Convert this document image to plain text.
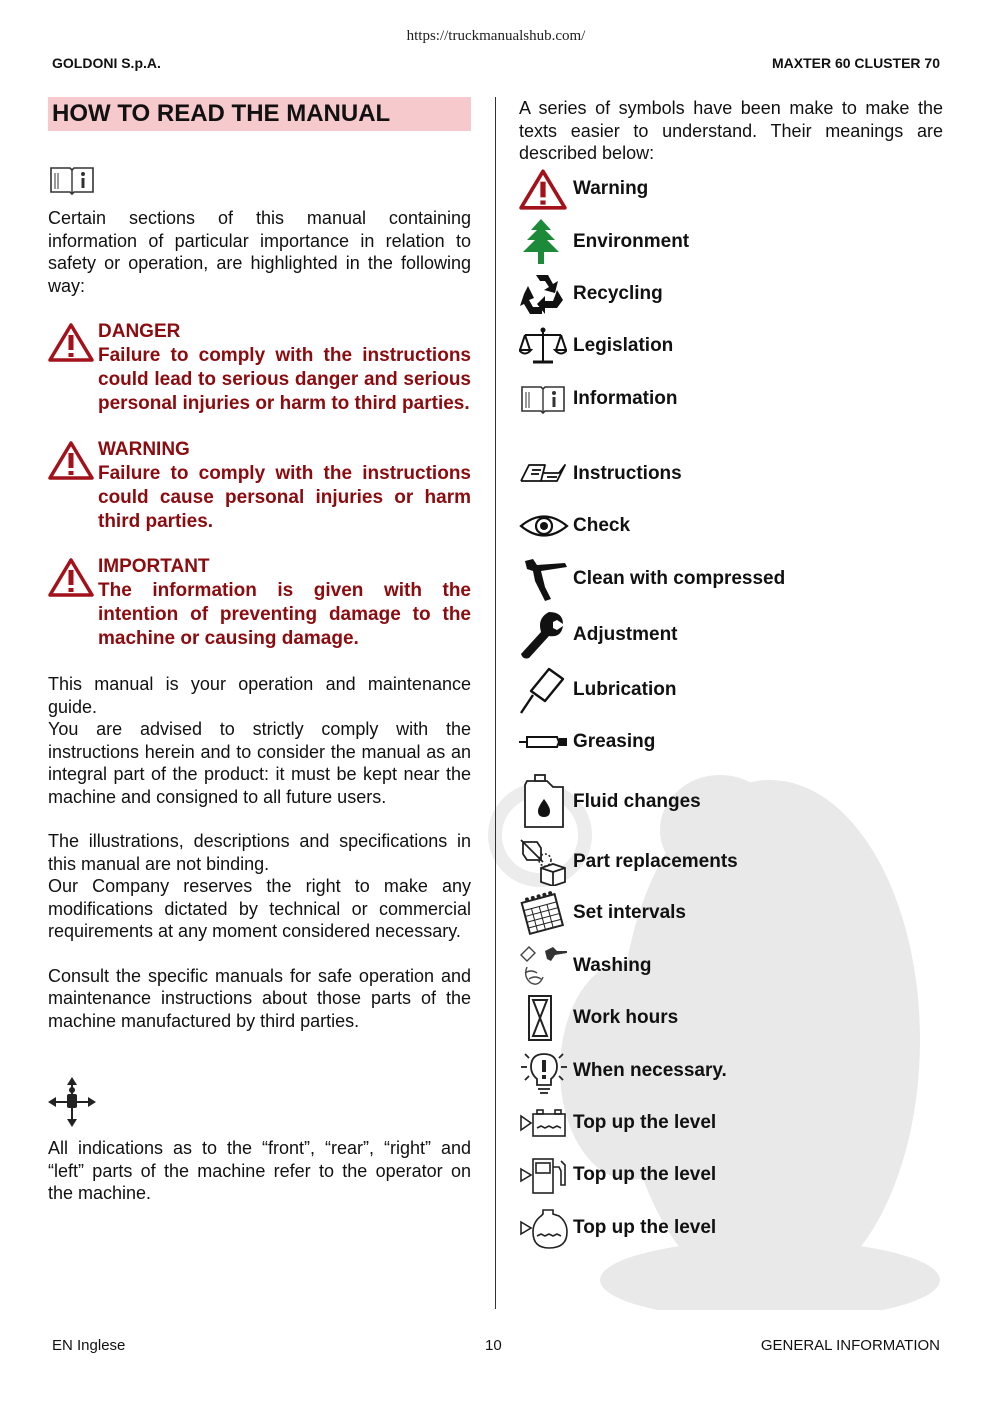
https://truckmanualshub.com/
GOLDONI S.p.A.	MAXTER 60 CLUSTER 70
HOW TO READ THE MANUAL

Certain sections of this manual containing information of particular importance in relation to safety or operation, are highlighted in the following way:

DANGER
Failure to comply with the instructions could lead to serious danger and serious personal injuries or harm to third parties.
WARNING
Failure to comply with the instructions could cause personal injuries or harm third parties.
IMPORTANT
The information is given with the intention of preventing damage to the machine or causing damage.

This manual is your operation and maintenance guide.

You are advised to strictly comply with the instructions herein and to consider the manual as an integral part of the product: it must be kept near the machine and consigned to all future users.

The illustrations, descriptions and specifications in this manual are not binding.

Our Company reserves the right to make any modifications dictated by technical or commercial requirements at any moment considered necessary.

Consult the specific manuals for safe operation and maintenance instructions about those parts of the machine manufactured by third parties.

All indications as to the “front”, “rear”, “right” and “left” parts of the machine refer to the operator on the machine.

A series of symbols have been make to make the texts easier to understand. Their meanings are described below:

Warning
Environment
Recycling
Legislation
Information
Instructions
Check
Clean with compressed
Adjustment
Lubrication
Greasing
Fluid changes
Part replacements
Set intervals
Washing
Work hours
When necessary.
Top up the level
Top up the level
Top up the level
EN Inglese	10	GENERAL INFORMATION
